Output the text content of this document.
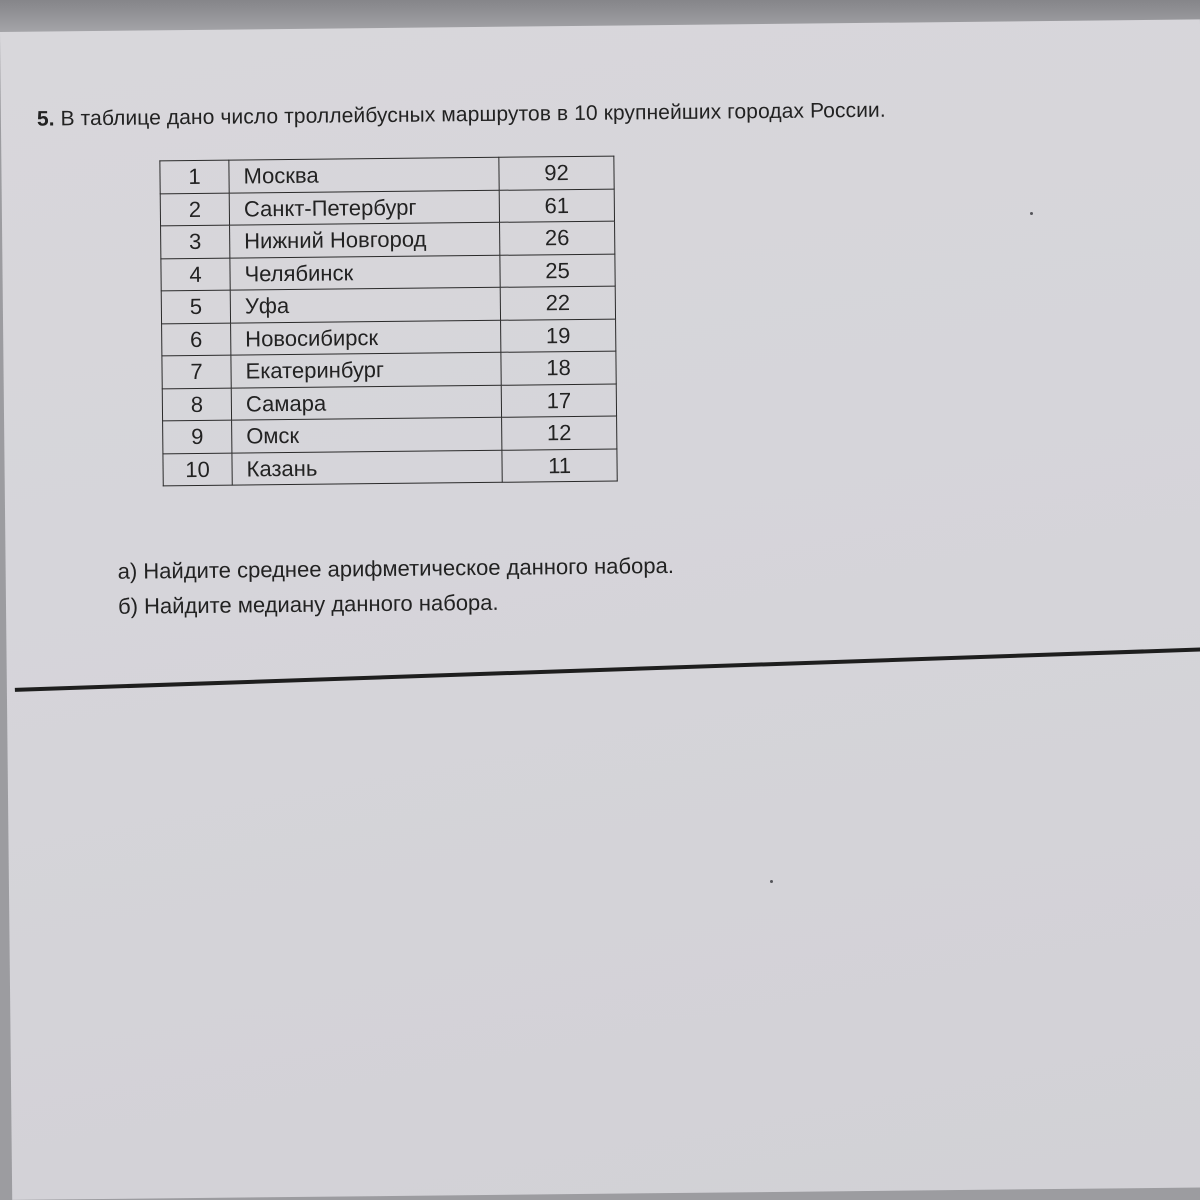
5. В таблице дано число троллейбусных маршрутов в 10 крупнейших городах России.
1	Москва	92
2	Санкт-Петербург	61
3	Нижний Новгород	26
4	Челябинск	25
5	Уфа	22
6	Новосибирск	19
7	Екатеринбург	18
8	Самара	17
9	Омск	12
10	Казань	11
а) Найдите среднее арифметическое данного набора.
б) Найдите медиану данного набора.
